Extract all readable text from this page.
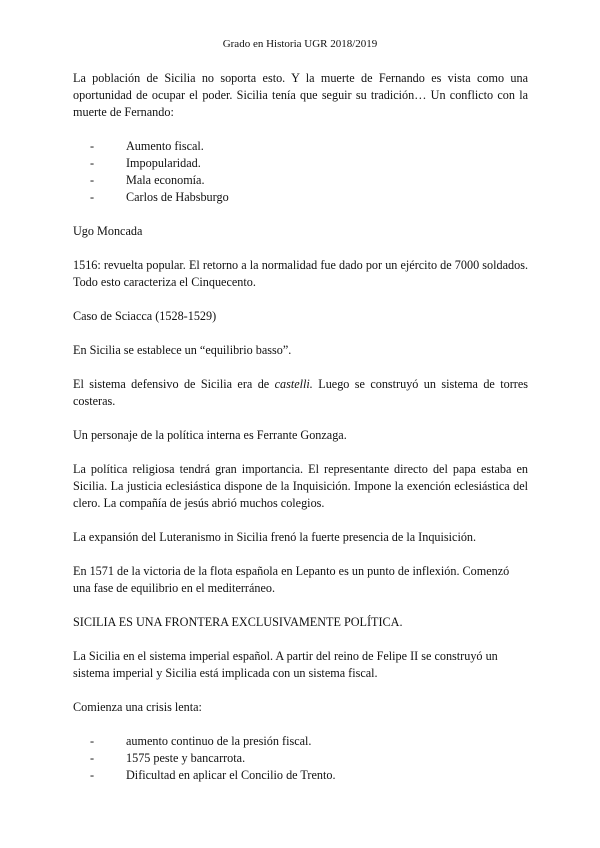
Grado en Historia UGR 2018/2019

La población de Sicilia no soporta esto. Y la muerte de Fernando es vista como una oportunidad de ocupar el poder. Sicilia tenía que seguir su tradición… Un conflicto con la muerte de Fernando:

-	Aumento fiscal.
-	Impopularidad.
-	Mala economía.
-	Carlos de Habsburgo

Ugo Moncada

1516: revuelta popular. El retorno a la normalidad fue dado por un ejército de 7000 soldados. Todo esto caracteriza el Cinquecento.

Caso de Sciacca (1528-1529)

En Sicilia se establece un “equilibrio basso”.

El sistema defensivo de Sicilia era de castelli. Luego se construyó un sistema de torres costeras.

Un personaje de la política interna es Ferrante Gonzaga.

La política religiosa tendrá gran importancia. El representante directo del papa estaba en Sicilia. La justicia eclesiástica dispone de la Inquisición. Impone la exención eclesiástica del clero. La compañía de jesús abrió muchos colegios.

La expansión del Luteranismo in Sicilia frenó la fuerte presencia de la Inquisición.

En 1571 de la victoria de la flota española en Lepanto es un punto de inflexión. Comenzó una fase de equilibrio en el mediterráneo.

SICILIA ES UNA FRONTERA EXCLUSIVAMENTE POLÍTICA.

La Sicilia en el sistema imperial español. A partir del reino de Felipe II se construyó un sistema imperial y Sicilia está implicada con un sistema fiscal.

Comienza una crisis lenta:

-	aumento continuo de la presión fiscal.
-	1575 peste y bancarrota.
-	Dificultad en aplicar el Concilio de Trento.
